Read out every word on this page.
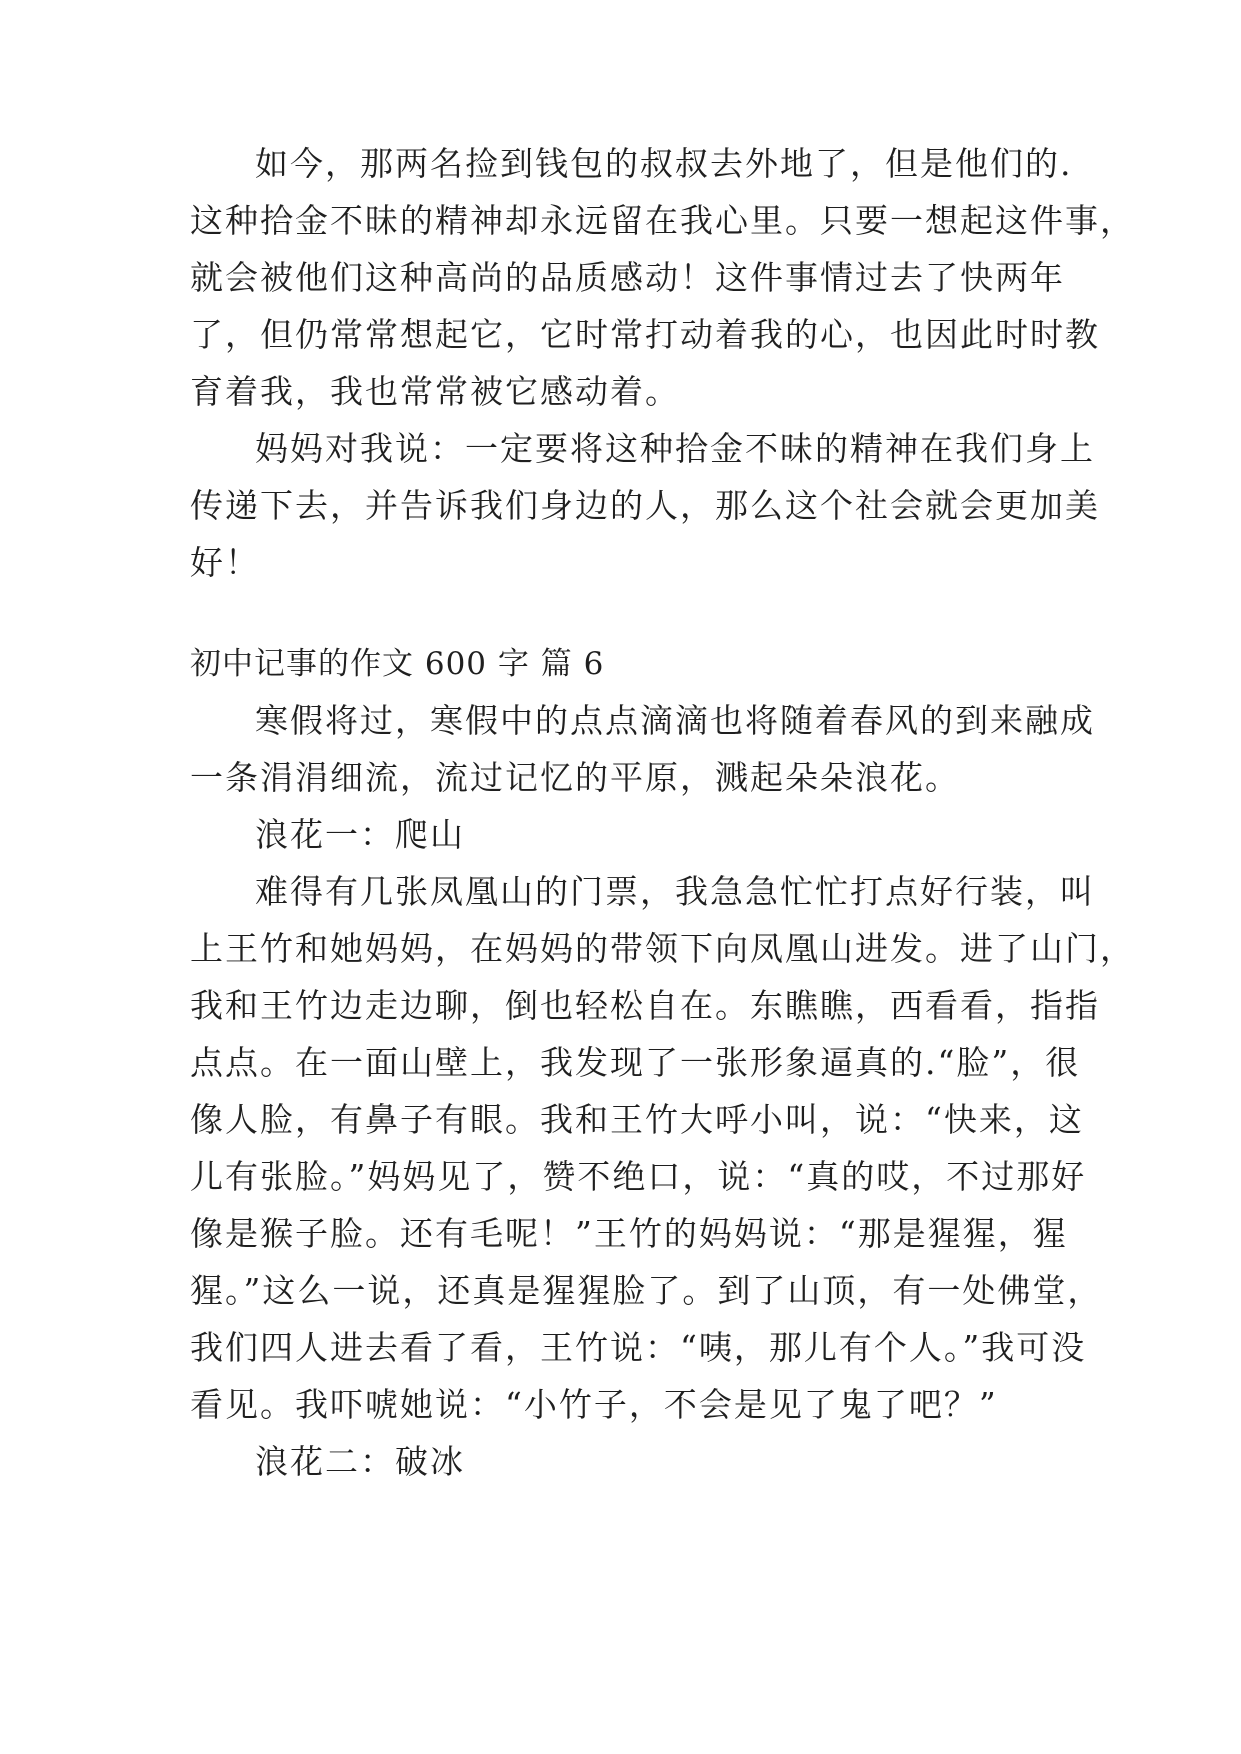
如今，那两名捡到钱包的叔叔去外地了，但是他们的.
这种拾金不昧的精神却永远留在我心里。只要一想起这件事，
就会被他们这种高尚的品质感动！这件事情过去了快两年
了，但仍常常想起它，它时常打动着我的心，也因此时时教
育着我，我也常常被它感动着。
妈妈对我说：一定要将这种拾金不昧的精神在我们身上
传递下去，并告诉我们身边的人，那么这个社会就会更加美
好！
初中记事的作文 600 字 篇 6
寒假将过，寒假中的点点滴滴也将随着春风的到来融成
一条涓涓细流，流过记忆的平原，溅起朵朵浪花。
浪花一：爬山
难得有几张凤凰山的门票，我急急忙忙打点好行装，叫
上王竹和她妈妈，在妈妈的带领下向凤凰山进发。进了山门，
我和王竹边走边聊，倒也轻松自在。东瞧瞧，西看看，指指
点点。在一面山壁上，我发现了一张形象逼真的.“脸”，很
像人脸，有鼻子有眼。我和王竹大呼小叫，说：“快来，这
儿有张脸。”妈妈见了，赞不绝口，说：“真的哎，不过那好
像是猴子脸。还有毛呢！”王竹的妈妈说：“那是猩猩，猩
猩。”这么一说，还真是猩猩脸了。到了山顶，有一处佛堂，
我们四人进去看了看，王竹说：“咦，那儿有个人。”我可没
看见。我吓唬她说：“小竹子，不会是见了鬼了吧？”
浪花二：破冰
